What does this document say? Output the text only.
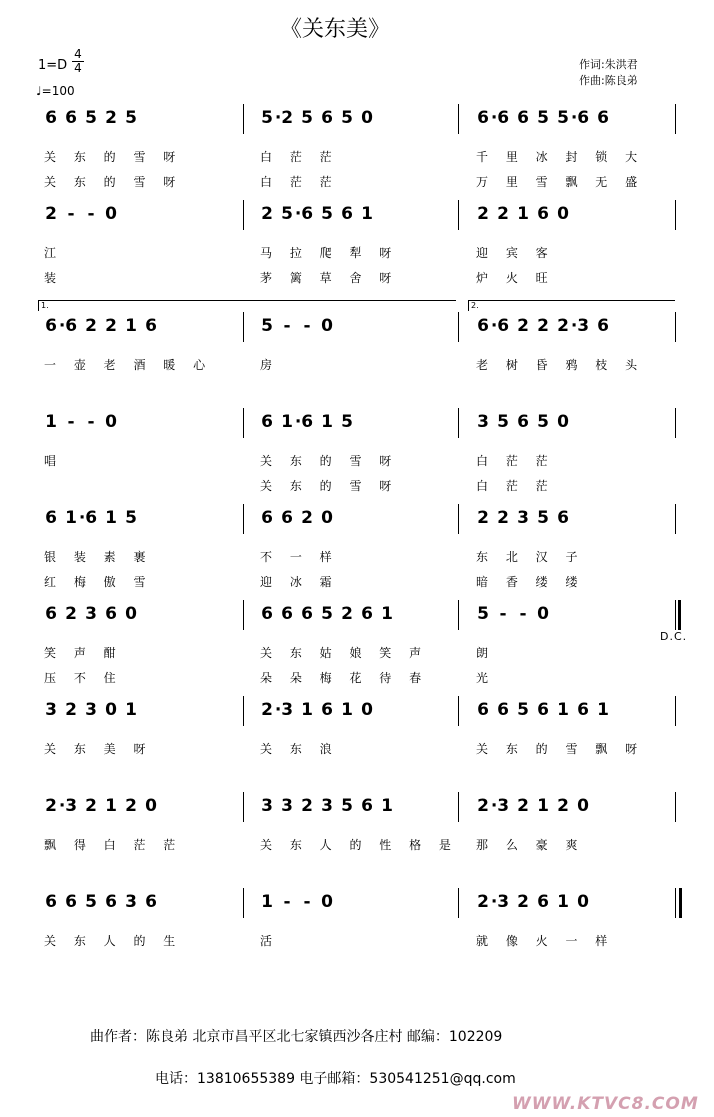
《关东美》
1=D
4
4
♩=100
作词:朱洪君
作曲:陈良弟
6 6 5 2 5
关 东 的 雪 呀
关 东 的 雪 呀
5 ·2 5 6 5 0
白 茫 茫
白 茫 茫
6 ·6 6 5 5 ·6 6
千 里 冰 封 锁 大
万 里 雪 飘 无 盛
2 - - 0
江
装
2 5 ·6 5 6 1
马 拉 爬 犁 呀
茅 篱 草 舍 呀
2 2 1 6 0
迎 宾 客
炉 火 旺
1.	2.
6 ·6 2 2 1 6
一 壶 老 酒 暖 心
5 - - 0
房
6 ·6 2 2 2 ·3 6
老 树 昏 鸦 枝 头
1 - - 0
唱
6 1 ·6 1 5
关 东 的 雪 呀
关 东 的 雪 呀
3 5 6 5 0
白 茫 茫
白 茫 茫
6 1 ·6 1 5
银 装 素 裹
红 梅 傲 雪
6 6 2 0
不 一 样
迎 冰 霜
2 2 3 5 6
东 北 汉 子
暗 香 缕 缕
6 2 3 6 0
笑 声 酣
压 不 住
6 6 6 5 2 6 1
关 东 姑 娘 笑 声
朵 朵 梅 花 待 春
5 - - 0
朗
光
D.C.
3 2 3 0 1
关 东 美 呀
2 ·3 1 6 1 0
关 东 浪
6 6 5 6 1 6 1
关 东 的 雪 飘 呀
2 ·3 2 1 2 0
飘 得 白 茫 茫
3 3 2 3 5 6 1
关 东 人 的 性 格 是
2 ·3 2 1 2 0
那 么 豪 爽
6 6 5 6 3 6
关 东 人 的 生
1 - - 0
活
2 ·3 2 6 1 0
就 像 火 一 样
曲作者：陈良弟 北京市昌平区北七家镇西沙各庄村 邮编：102209
电话：13810655389 电子邮箱：530541251@qq.com
WWW.KTVC8.COM
